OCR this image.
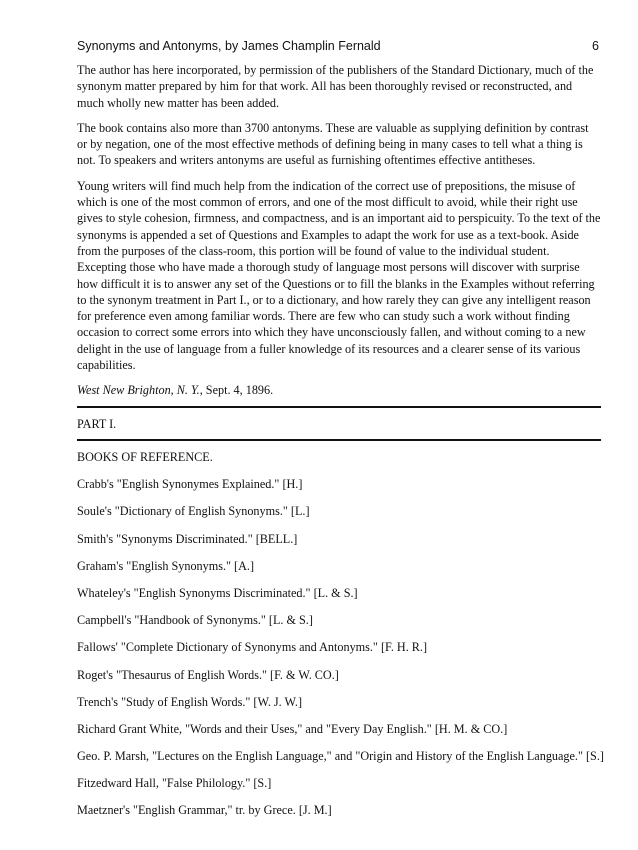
Synonyms and Antonyms, by James Champlin Fernald	6

The author has here incorporated, by permission of the publishers of the Standard Dictionary, much of the synonym matter prepared by him for that work. All has been thoroughly revised or reconstructed, and much wholly new matter has been added.

The book contains also more than 3700 antonyms. These are valuable as supplying definition by contrast or by negation, one of the most effective methods of defining being in many cases to tell what a thing is not. To speakers and writers antonyms are useful as furnishing oftentimes effective antitheses.

Young writers will find much help from the indication of the correct use of prepositions, the misuse of which is one of the most common of errors, and one of the most difficult to avoid, while their right use gives to style cohesion, firmness, and compactness, and is an important aid to perspicuity. To the text of the synonyms is appended a set of Questions and Examples to adapt the work for use as a text-book. Aside from the purposes of the class-room, this portion will be found of value to the individual student. Excepting those who have made a thorough study of language most persons will discover with surprise how difficult it is to answer any set of the Questions or to fill the blanks in the Examples without referring to the synonym treatment in Part I., or to a dictionary, and how rarely they can give any intelligent reason for preference even among familiar words. There are few who can study such a work without finding occasion to correct some errors into which they have unconsciously fallen, and without coming to a new delight in the use of language from a fuller knowledge of its resources and a clearer sense of its various capabilities.

West New Brighton, N. Y., Sept. 4, 1896.

PART I.

BOOKS OF REFERENCE.

Crabb's "English Synonymes Explained." [H.]
Soule's "Dictionary of English Synonyms." [L.]
Smith's "Synonyms Discriminated." [BELL.]
Graham's "English Synonyms." [A.]
Whateley's "English Synonyms Discriminated." [L. & S.]
Campbell's "Handbook of Synonyms." [L. & S.]
Fallows' "Complete Dictionary of Synonyms and Antonyms." [F. H. R.]
Roget's "Thesaurus of English Words." [F. & W. CO.]
Trench's "Study of English Words." [W. J. W.]
Richard Grant White, "Words and their Uses," and "Every Day English." [H. M. & CO.]
Geo. P. Marsh, "Lectures on the English Language," and "Origin and History of the English Language." [S.]
Fitzedward Hall, "False Philology." [S.]
Maetzner's "English Grammar," tr. by Grece. [J. M.]
